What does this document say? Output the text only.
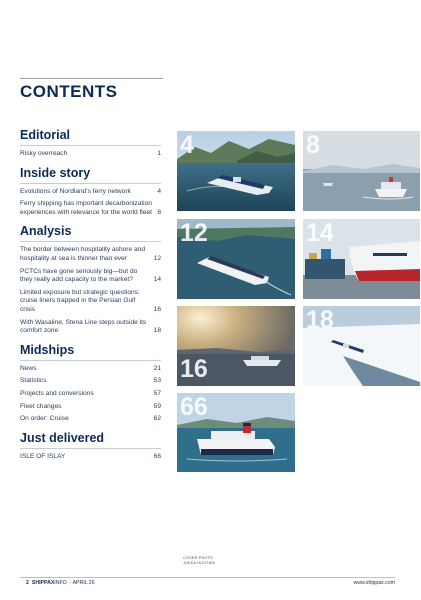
CONTENTS
Editorial
Risky overreach	1
Inside story
Evolutions of Nordland's ferry network	4
Ferry shipping has important decarbonization experiences with relevance for the world fleet 8
Analysis
The border between hospitality ashore and hospitality at sea is thinner than ever	12
PCTCs have gone seriously big—but do they really add capacity to the market?	14
Limited exposure but strategic questions: cruise liners trapped in the Persian Gulf crisis	16
With Wasaline, Stena Line steps outside its comfort zone	18
Midships
News	21
Statistics	53
Projects and conversions	57
Fleet changes	59
On order: Cruise	62
Just delivered
ISLE OF ISLAY	66
4	8
12	14
16
18
66
COVER PHOTO
JUKKA HUOTARI
2 SHIPPAXINFO · APRIL 26	www.shippax.com
